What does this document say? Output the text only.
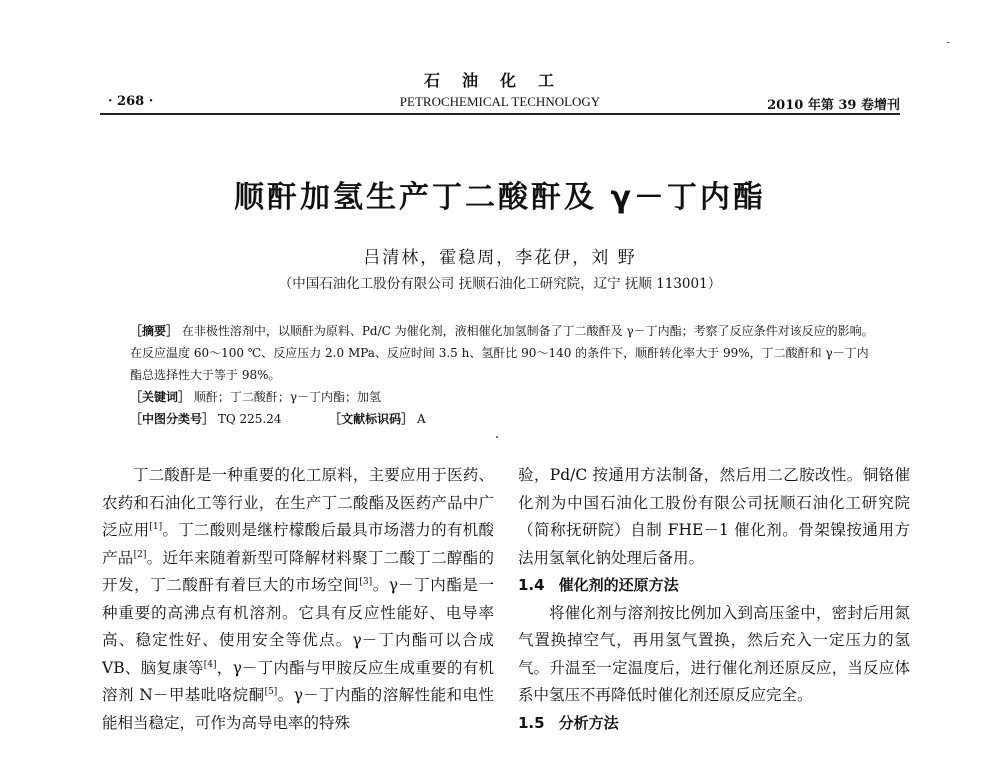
石油化工
· 268 ·	PETROCHEMICAL TECHNOLOGY	2010 年第 39 卷增刊
顺酐加氢生产丁二酸酐及 γ－丁内酯
吕清林，霍稳周，李花伊，刘 野
（中国石油化工股份有限公司 抚顺石油化工研究院，辽宁 抚顺 113001）

［摘要］ 在非极性溶剂中，以顺酐为原料、Pd/C 为催化剂，液相催化加氢制备了丁二酸酐及 γ－丁内酯；考察了反应条件对该反应的影响。在反应温度 60～100 ℃、反应压力 2.0 MPa、反应时间 3.5 h、氢酐比 90～140 的条件下，顺酐转化率大于 99%，丁二酸酐和 γ－丁内酯总选择性大于等于 98%。

［关键词］ 顺酐；丁二酸酐；γ－丁内酯；加氢

［中图分类号］ TQ 225.24	［文献标识码］ A

丁二酸酐是一种重要的化工原料，主要应用于医药、农药和石油化工等行业，在生产丁二酸酯及医药产品中广泛应用[1]。丁二酸则是继柠檬酸后最具市场潜力的有机酸产品[2]。近年来随着新型可降解材料聚丁二酸丁二醇酯的开发，丁二酸酐有着巨大的市场空间[3]。γ－丁内酯是一种重要的高沸点有机溶剂。它具有反应性能好、电导率高、稳定性好、使用安全等优点。γ－丁内酯可以合成 VB、脑复康等[4]，γ－丁内酯与甲胺反应生成重要的有机溶剂 N－甲基吡咯烷酮[5]。γ－丁内酯的溶解性能和电性能相当稳定，可作为高导电率的特殊

验，Pd/C 按通用方法制备，然后用二乙胺改性。铜铬催化剂为中国石油化工股份有限公司抚顺石油化工研究院（简称抚研院）自制 FHE－1 催化剂。骨架镍按通用方法用氢氧化钠处理后备用。

1.4 催化剂的还原方法

将催化剂与溶剂按比例加入到高压釜中，密封后用氮气置换掉空气，再用氢气置换，然后充入一定压力的氢气。升温至一定温度后，进行催化剂还原反应，当反应体系中氢压不再降低时催化剂还原反应完全。

1.5 分析方法
